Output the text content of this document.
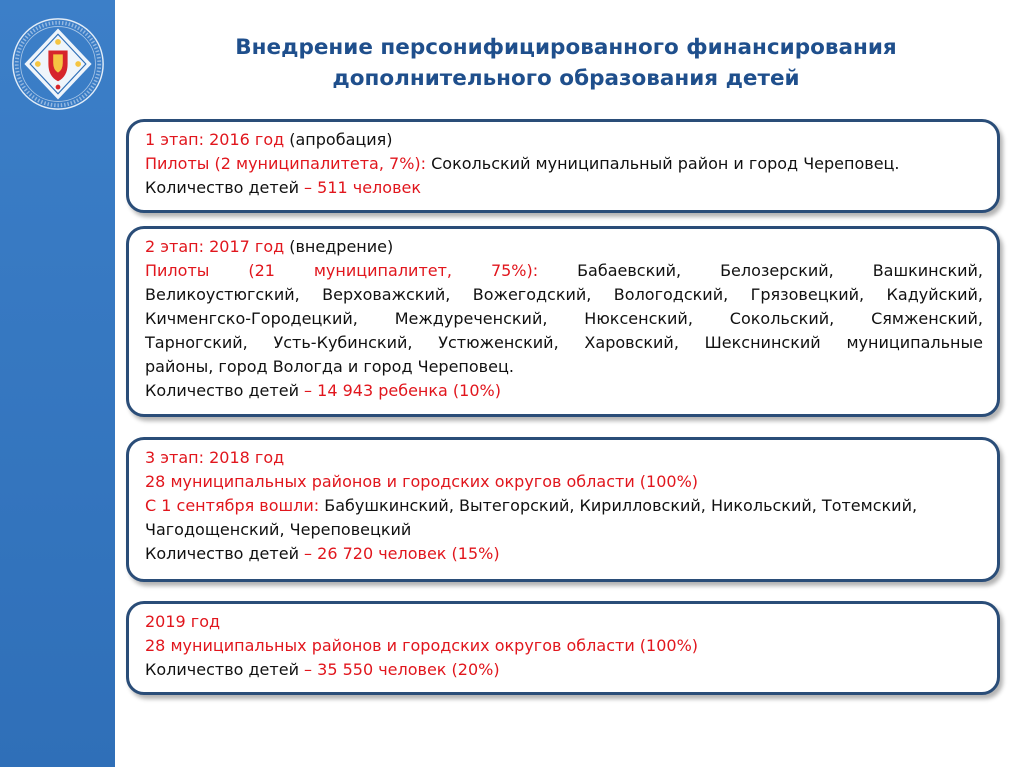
Внедрение персонифицированного финансирования
дополнительного образования детей
1 этап: 2016 год (апробация)
Пилоты (2 муниципалитета, 7%): Сокольский муниципальный район и город Череповец.
Количество детей – 511 человек
2 этап: 2017 год (внедрение)
Пилоты (21 муниципалитет, 75%): Бабаевский, Белозерский, Вашкинский,
Великоустюгский, Верховажский, Вожегодский, Вологодский, Грязовецкий, Кадуйский,
Кичменгско-Городецкий, Междуреченский, Нюксенский, Сокольский, Сямженский,
Тарногский, Усть-Кубинский, Устюженский, Харовский, Шекснинский муниципальные
районы, город Вологда и город Череповец.
Количество детей – 14 943 ребенка (10%)
3 этап: 2018 год
28 муниципальных районов и городских округов области (100%)
С 1 сентября вошли: Бабушкинский, Вытегорский, Кирилловский, Никольский, Тотемский,
Чагодощенский, Череповецкий
Количество детей – 26 720 человек (15%)
2019 год
28 муниципальных районов и городских округов области (100%)
Количество детей – 35 550 человек (20%)
